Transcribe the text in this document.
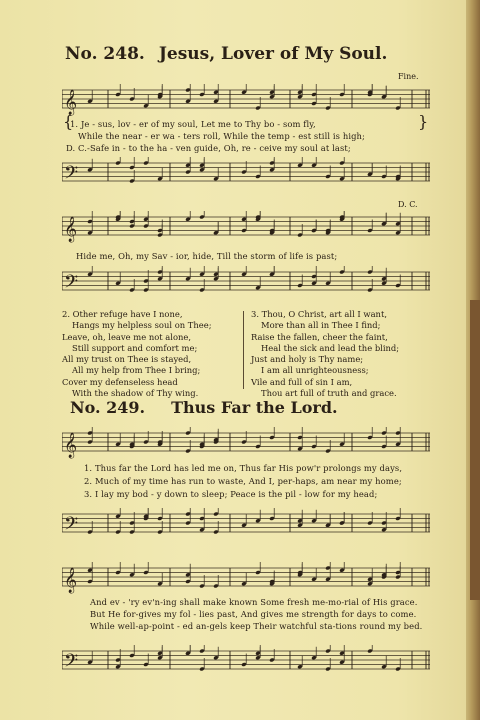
No. 248. Jesus, Lover of My Soul.
Fine.
𝄞
{	}
1. Je - sus, lov - er of my soul, Let me to Thy bo - som fly,
While the near - er wa - ters roll, While the temp - est still is high;
D. C.-Safe in - to the ha - ven guide, Oh, re - ceive my soul at last;
𝄢
D. C.
𝄞
Hide me, Oh, my Sav - ior, hide, Till the storm of life is past;
𝄢
2. Other refuge have I none,
Hangs my helpless soul on Thee;
Leave, oh, leave me not alone,
Still support and comfort me;
All my trust on Thee is stayed,
All my help from Thee I bring;
Cover my defenseless head
With the shadow of Thy wing.
3. Thou, O Christ, art all I want,
More than all in Thee I find;
Raise the fallen, cheer the faint,
Heal the sick and lead the blind;
Just and holy is Thy name;
I am all unrighteousness;
Vile and full of sin I am,
Thou art full of truth and grace.
No. 249. Thus Far the Lord.
𝄞
1. Thus far the Lord has led me on, Thus far His pow'r prolongs my days,
2. Much of my time has run to waste, And I, per-haps, am near my home;
3. I lay my bod - y down to sleep; Peace is the pil - low for my head;
𝄢
𝄞
And ev - 'ry ev'n-ing shall make known Some fresh me-mo-rial of His grace.
But He for-gives my fol - lies past, And gives me strength for days to come.
While well-ap-point - ed an-gels keep Their watchful sta-tions round my bed.
𝄢
